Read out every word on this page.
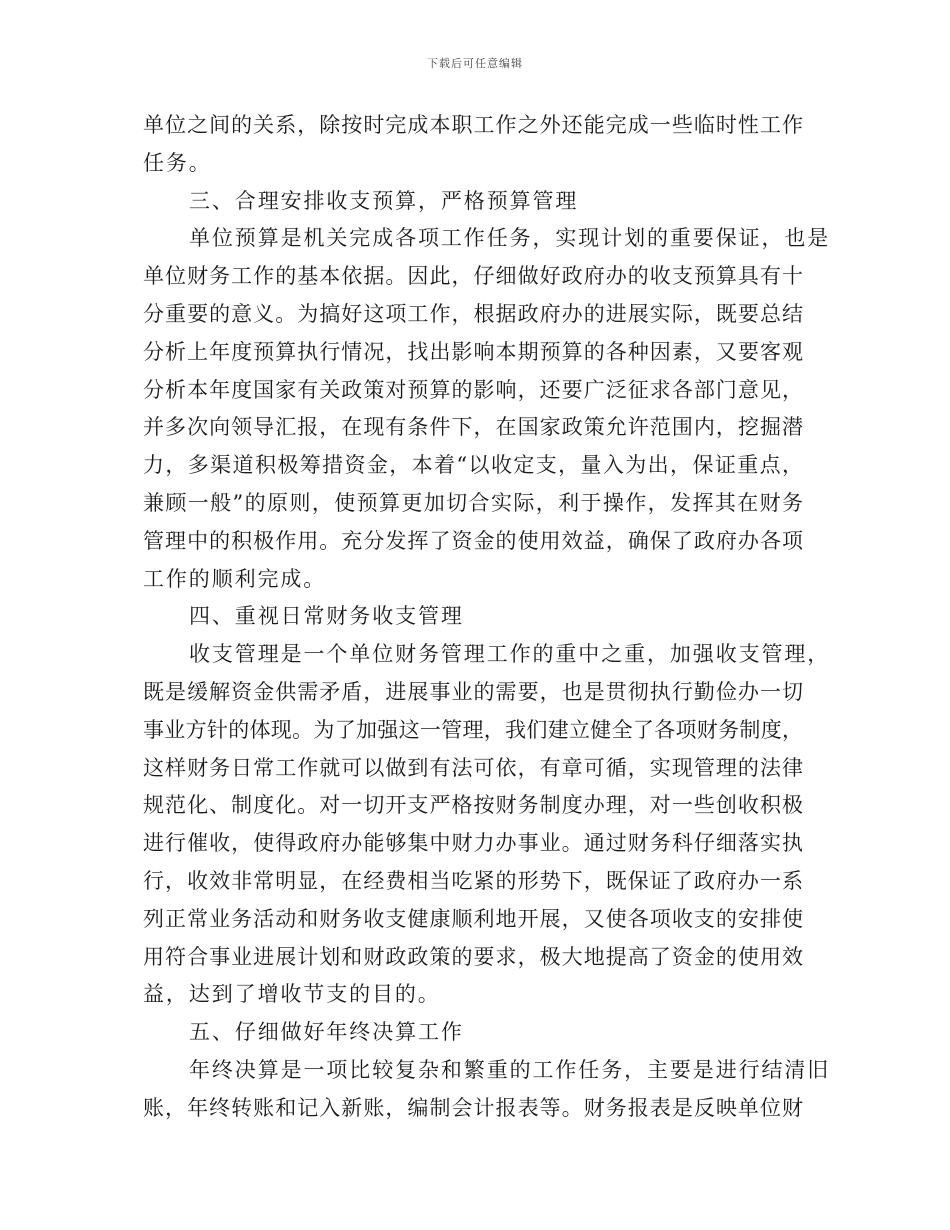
下载后可任意编辑
单位之间的关系，除按时完成本职工作之外还能完成一些临时性工作
任务。
三、合理安排收支预算，严格预算管理
单位预算是机关完成各项工作任务，实现计划的重要保证，也是
单位财务工作的基本依据。因此，仔细做好政府办的收支预算具有十
分重要的意义。为搞好这项工作，根据政府办的进展实际，既要总结
分析上年度预算执行情况，找出影响本期预算的各种因素，又要客观
分析本年度国家有关政策对预算的影响，还要广泛征求各部门意见，
并多次向领导汇报，在现有条件下，在国家政策允许范围内，挖掘潜
力，多渠道积极筹措资金，本着“以收定支，量入为出，保证重点，
兼顾一般”的原则，使预算更加切合实际，利于操作，发挥其在财务
管理中的积极作用。充分发挥了资金的使用效益，确保了政府办各项
工作的顺利完成。
四、重视日常财务收支管理
收支管理是一个单位财务管理工作的重中之重，加强收支管理，
既是缓解资金供需矛盾，进展事业的需要，也是贯彻执行勤俭办一切
事业方针的体现。为了加强这一管理，我们建立健全了各项财务制度，
这样财务日常工作就可以做到有法可依，有章可循，实现管理的法律
规范化、制度化。对一切开支严格按财务制度办理，对一些创收积极
进行催收，使得政府办能够集中财力办事业。通过财务科仔细落实执
行，收效非常明显，在经费相当吃紧的形势下，既保证了政府办一系
列正常业务活动和财务收支健康顺利地开展，又使各项收支的安排使
用符合事业进展计划和财政政策的要求，极大地提高了资金的使用效
益，达到了增收节支的目的。
五、仔细做好年终决算工作
年终决算是一项比较复杂和繁重的工作任务，主要是进行结清旧
账，年终转账和记入新账，编制会计报表等。财务报表是反映单位财
